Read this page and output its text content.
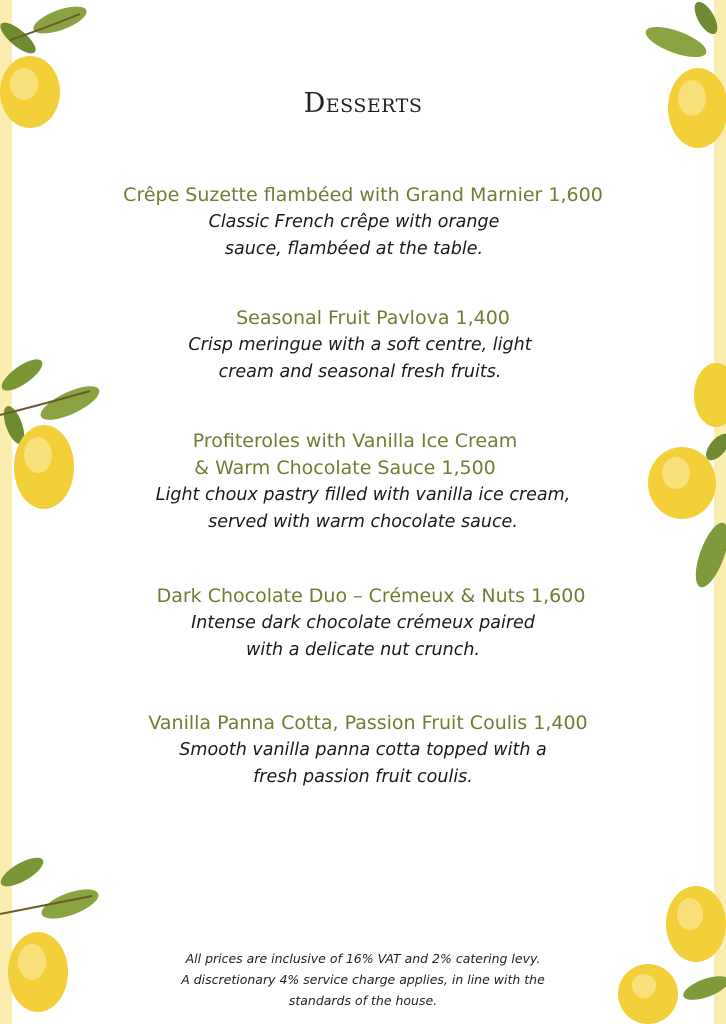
Desserts
Crêpe Suzette flambéed with Grand Marnier 1,600
Classic French crêpe with orange
sauce, flambéed at the table.
Seasonal Fruit Pavlova 1,400
Crisp meringue with a soft centre, light
cream and seasonal fresh fruits.
Profiteroles with Vanilla Ice Cream
& Warm Chocolate Sauce 1,500
Light choux pastry filled with vanilla ice cream,
served with warm chocolate sauce.
Dark Chocolate Duo – Crémeux & Nuts 1,600
Intense dark chocolate crémeux paired
with a delicate nut crunch.
Vanilla Panna Cotta, Passion Fruit Coulis 1,400
Smooth vanilla panna cotta topped with a
fresh passion fruit coulis.
All prices are inclusive of 16% VAT and 2% catering levy.
A discretionary 4% service charge applies, in line with the
standards of the house.
